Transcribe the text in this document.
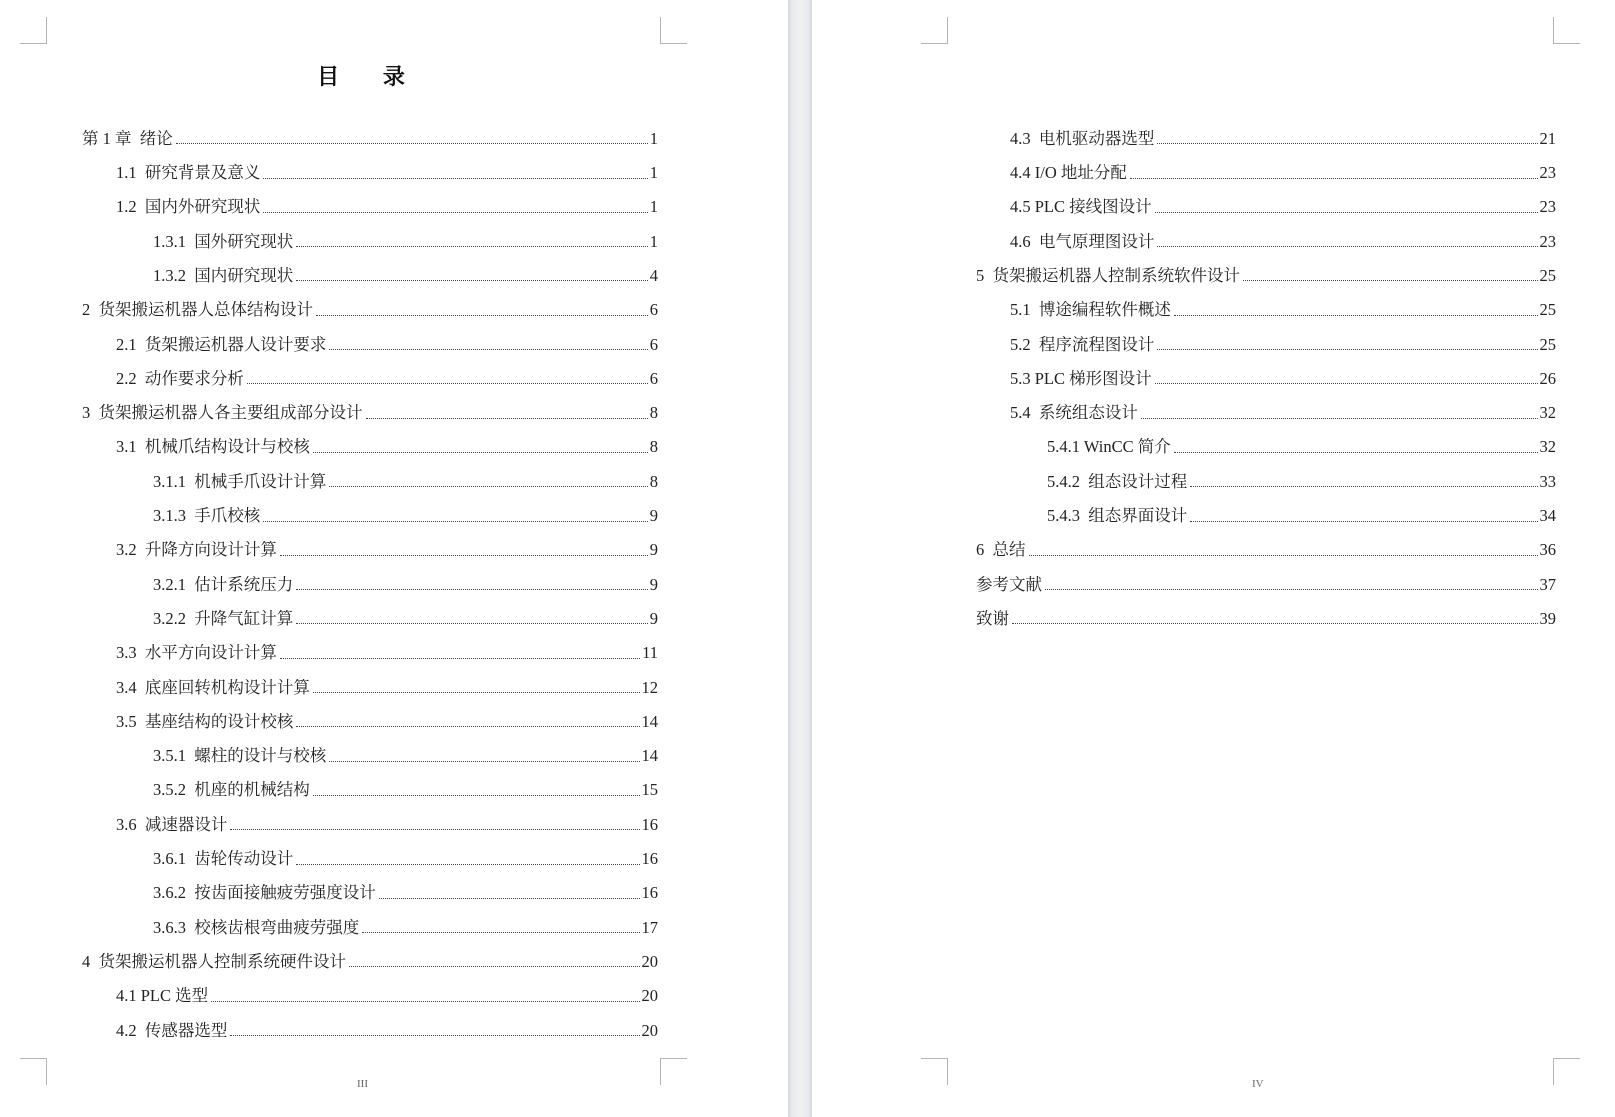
目 录
第 1 章  绪论	1
1.1  研究背景及意义	1
1.2  国内外研究现状	1
1.3.1  国外研究现状	1
1.3.2  国内研究现状	4
2  货架搬运机器人总体结构设计	6
2.1  货架搬运机器人设计要求	6
2.2  动作要求分析	6
3  货架搬运机器人各主要组成部分设计	8
3.1  机械爪结构设计与校核	8
3.1.1  机械手爪设计计算	8
3.1.3  手爪校核	9
3.2  升降方向设计计算	9
3.2.1  估计系统压力	9
3.2.2  升降气缸计算	9
3.3  水平方向设计计算	11
3.4  底座回转机构设计计算	12
3.5  基座结构的设计校核	14
3.5.1  螺柱的设计与校核	14
3.5.2  机座的机械结构	15
3.6  减速器设计	16
3.6.1  齿轮传动设计	16
3.6.2  按齿面接触疲劳强度设计	16
3.6.3  校核齿根弯曲疲劳强度	17
4  货架搬运机器人控制系统硬件设计	20
4.1 PLC 选型	20
4.2  传感器选型	20
III
4.3  电机驱动器选型	21
4.4 I/O 地址分配	23
4.5 PLC 接线图设计	23
4.6  电气原理图设计	23
5  货架搬运机器人控制系统软件设计	25
5.1  博途编程软件概述	25
5.2  程序流程图设计	25
5.3 PLC 梯形图设计	26
5.4  系统组态设计	32
5.4.1 WinCC 简介	32
5.4.2  组态设计过程	33
5.4.3  组态界面设计	34
6  总结	36
参考文献	37
致谢	39
IV
